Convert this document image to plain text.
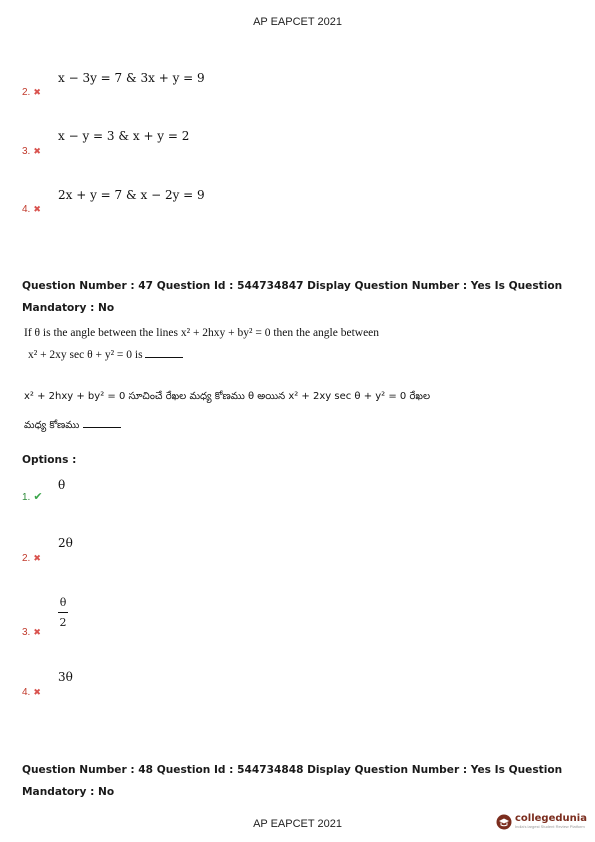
AP EAPCET 2021
2. ✖
x − 3y = 7 & 3x + y = 9
3. ✖
x − y = 3 & x + y = 2
4. ✖
2x + y = 7 & x − 2y = 9
Question Number : 47 Question Id : 544734847 Display Question Number : Yes Is Question
Mandatory : No
If θ is the angle between the lines x² + 2hxy + by² = 0 then the angle between
x² + 2xy sec θ + y² = 0 is
x² + 2hxy + by² = 0 సూచించే రేఖల మధ్య కోణము θ అయిన x² + 2xy sec θ + y² = 0 రేఖల
మధ్య కోణము
Options :
1. ✔
θ
2. ✖
2θ
3. ✖
θ
2
4. ✖
3θ
Question Number : 48 Question Id : 544734848 Display Question Number : Yes Is Question
Mandatory : No
AP EAPCET 2021	collegedunia
India's largest Student Review Platform
